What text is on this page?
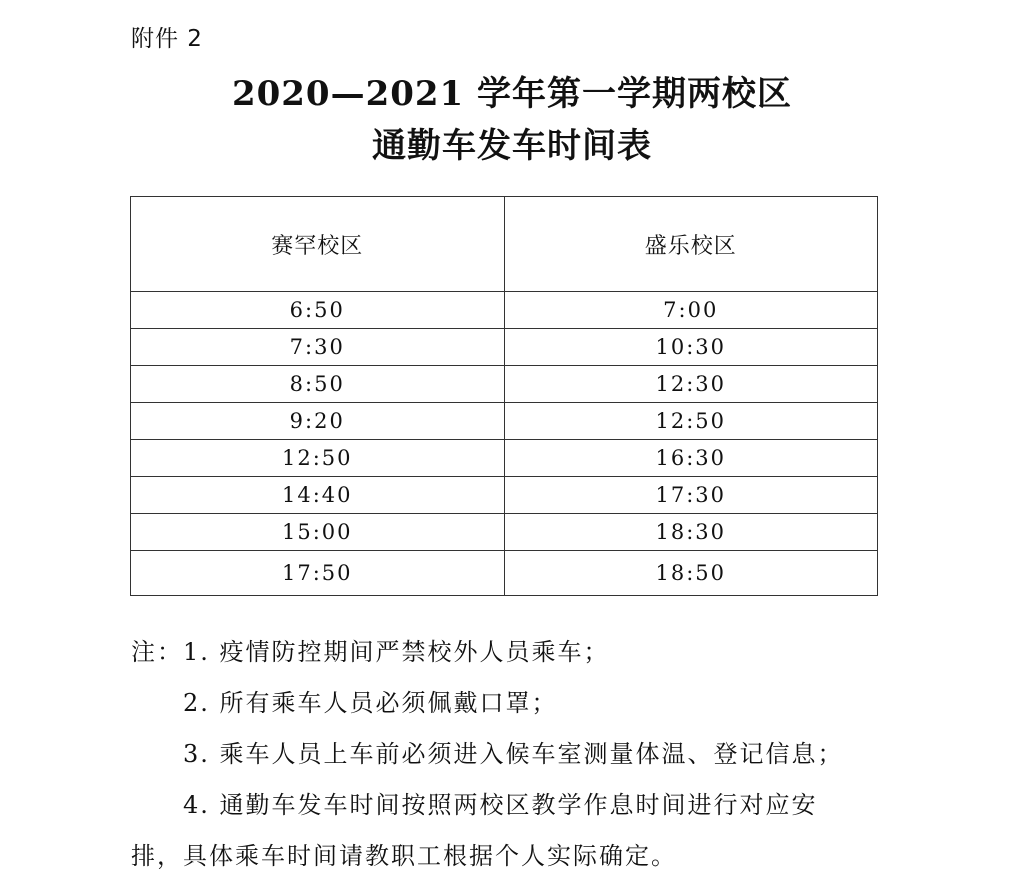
附件 2
2020—2021 学年第一学期两校区
通勤车发车时间表
赛罕校区	盛乐校区
6:50	7:00
7:30	10:30
8:50	12:30
9:20	12:50
12:50	16:30
14:40	17:30
15:00	18:30
17:50	18:50
注：1. 疫情防控期间严禁校外人员乘车；
2. 所有乘车人员必须佩戴口罩；
3. 乘车人员上车前必须进入候车室测量体温、登记信息；
4. 通勤车发车时间按照两校区教学作息时间进行对应安
排，具体乘车时间请教职工根据个人实际确定。
